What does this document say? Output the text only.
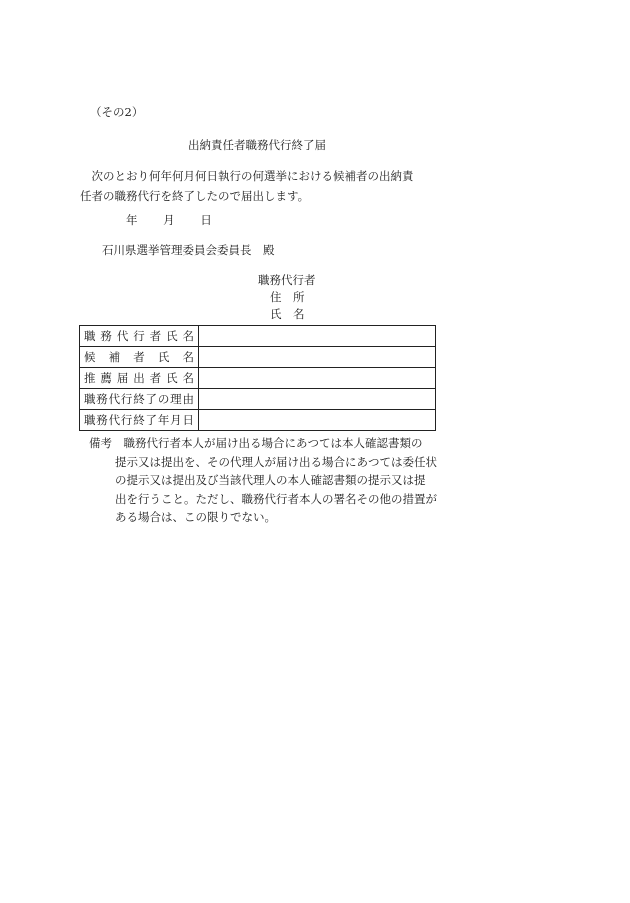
（その2）
出納責任者職務代行終了届
　次のとおり何年何月何日執行の何選挙における候補者の出納責
任者の職務代行を終了したので届出します。
年 月 日
石川県選挙管理委員会委員長　殿
職務代行者
住　所
氏　名
職務代行者氏名	
候補者氏名	
推薦届出者氏名	
職務代行終了の理由	
職務代行終了年月日	
備考　職務代行者本人が届け出る場合にあつては本人確認書類の
提示又は提出を、その代理人が届け出る場合にあつては委任状
の提示又は提出及び当該代理人の本人確認書類の提示又は提
出を行うこと。ただし、職務代行者本人の署名その他の措置が
ある場合は、この限りでない。
